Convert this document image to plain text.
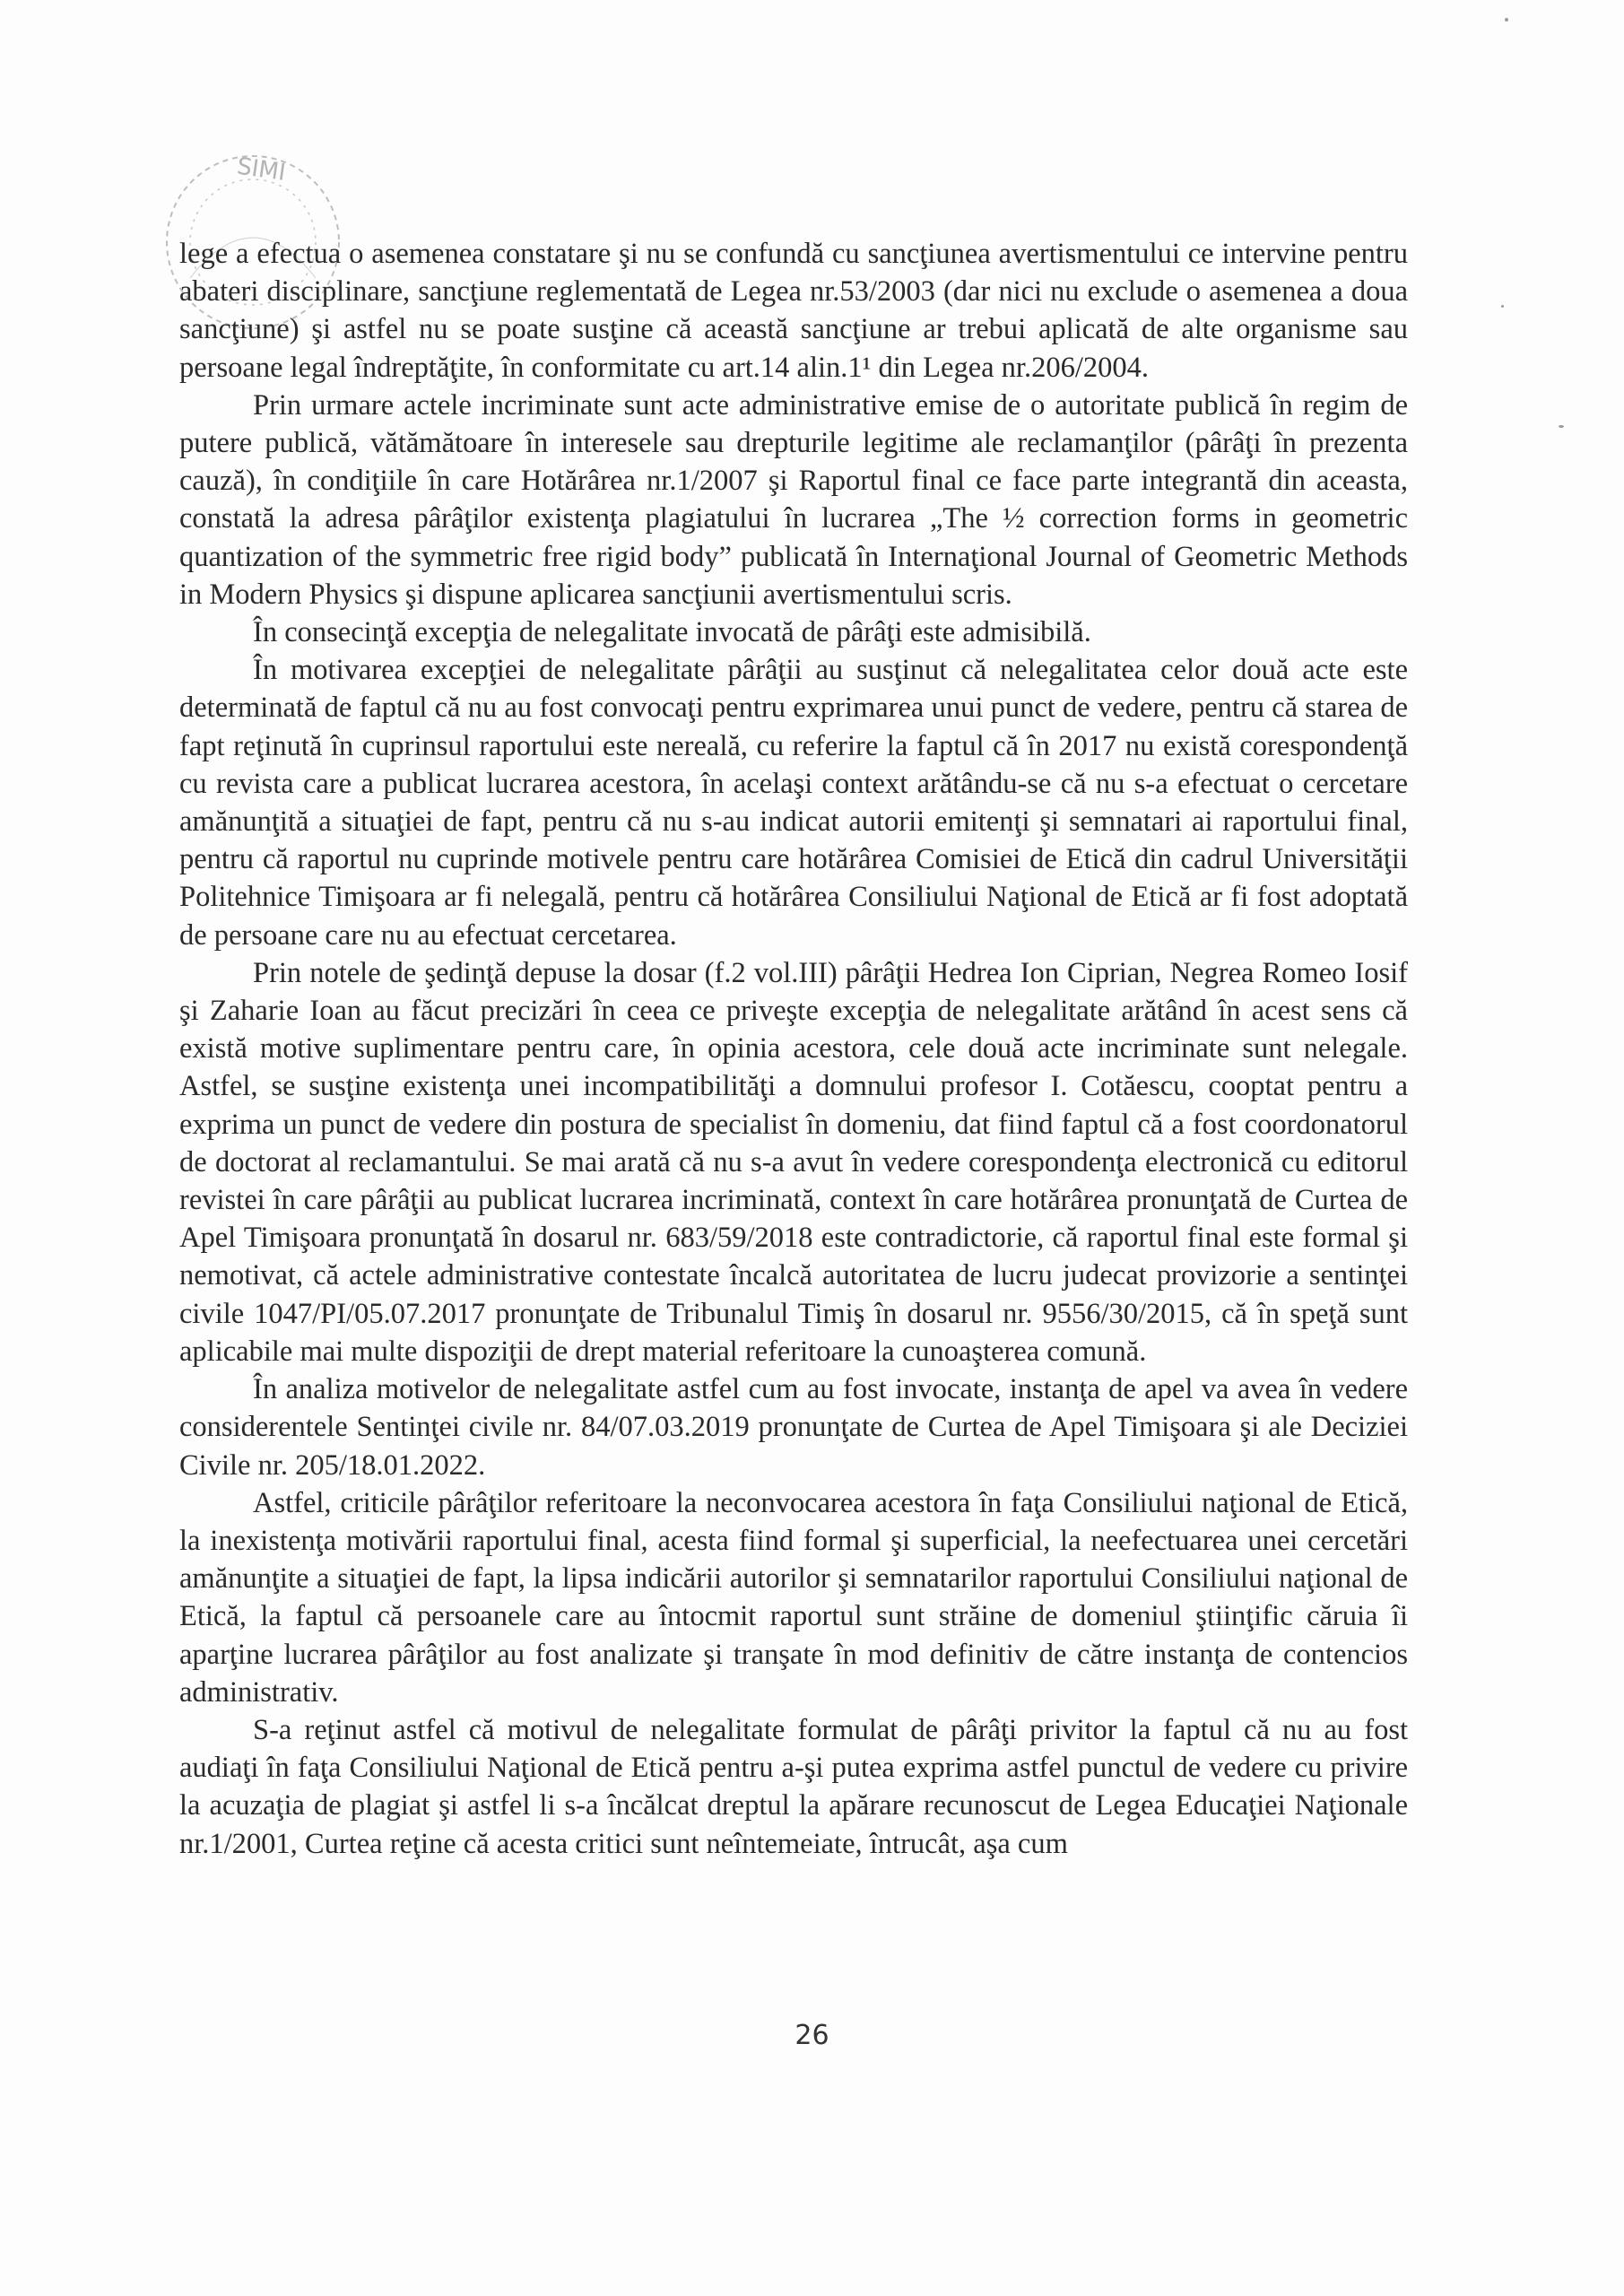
SIMI

lege a efectua o asemenea constatare şi nu se confundă cu sancţiunea avertismentului ce intervine pentru abateri disciplinare, sancţiune reglementată de Legea nr.53/2003 (dar nici nu exclude o asemenea a doua sancţiune) şi astfel nu se poate susţine că această sancţiune ar trebui aplicată de alte organisme sau persoane legal îndreptăţite, în conformitate cu art.14 alin.1¹ din Legea nr.206/2004.

Prin urmare actele incriminate sunt acte administrative emise de o autoritate publică în regim de putere publică, vătămătoare în interesele sau drepturile legitime ale reclamanţilor (pârâţi în prezenta cauză), în condiţiile în care Hotărârea nr.1/2007 şi Raportul final ce face parte integrantă din aceasta, constată la adresa pârâţilor existenţa plagiatului în lucrarea „The ½ correction forms in geometric quantization of the symmetric free rigid body” publicată în Internaţional Journal of Geometric Methods in Modern Physics şi dispune aplicarea sancţiunii avertismentului scris.

În consecinţă excepţia de nelegalitate invocată de pârâţi este admisibilă.

În motivarea excepţiei de nelegalitate pârâţii au susţinut că nelegalitatea celor două acte este determinată de faptul că nu au fost convocaţi pentru exprimarea unui punct de vedere, pentru că starea de fapt reţinută în cuprinsul raportului este nereală, cu referire la faptul că în 2017 nu există corespondenţă cu revista care a publicat lucrarea acestora, în acelaşi context arătându-se că nu s-a efectuat o cercetare amănunţită a situaţiei de fapt, pentru că nu s-au indicat autorii emitenţi şi semnatari ai raportului final, pentru că raportul nu cuprinde motivele pentru care hotărârea Comisiei de Etică din cadrul Universităţii Politehnice Timişoara ar fi nelegală, pentru că hotărârea Consiliului Naţional de Etică ar fi fost adoptată de persoane care nu au efectuat cercetarea.

Prin notele de şedinţă depuse la dosar (f.2 vol.III) pârâţii Hedrea Ion Ciprian, Negrea Romeo Iosif şi Zaharie Ioan au făcut precizări în ceea ce priveşte excepţia de nelegalitate arătând în acest sens că există motive suplimentare pentru care, în opinia acestora, cele două acte incriminate sunt nelegale. Astfel, se susţine existenţa unei incompatibilităţi a domnului profesor I. Cotăescu, cooptat pentru a exprima un punct de vedere din postura de specialist în domeniu, dat fiind faptul că a fost coordonatorul de doctorat al reclamantului. Se mai arată că nu s-a avut în vedere corespondenţa electronică cu editorul revistei în care pârâţii au publicat lucrarea incriminată, context în care hotărârea pronunţată de Curtea de Apel Timişoara pronunţată în dosarul nr. 683/59/2018 este contradictorie, că raportul final este formal şi nemotivat, că actele administrative contestate încalcă autoritatea de lucru judecat provizorie a sentinţei civile 1047/PI/05.07.2017 pronunţate de Tribunalul Timiş în dosarul nr. 9556/30/2015, că în speţă sunt aplicabile mai multe dispoziţii de drept material referitoare la cunoaşterea comună.

În analiza motivelor de nelegalitate astfel cum au fost invocate, instanţa de apel va avea în vedere considerentele Sentinţei civile nr. 84/07.03.2019 pronunţate de Curtea de Apel Timişoara şi ale Deciziei Civile nr. 205/18.01.2022.

Astfel, criticile pârâţilor referitoare la neconvocarea acestora în faţa Consiliului naţional de Etică, la inexistenţa motivării raportului final, acesta fiind formal şi superficial, la neefectuarea unei cercetări amănunţite a situaţiei de fapt, la lipsa indicării autorilor şi semnatarilor raportului Consiliului naţional de Etică, la faptul că persoanele care au întocmit raportul sunt străine de domeniul ştiinţific căruia îi aparţine lucrarea pârâţilor au fost analizate şi tranşate în mod definitiv de către instanţa de contencios administrativ.

S-a reţinut astfel că motivul de nelegalitate formulat de pârâţi privitor la faptul că nu au fost audiaţi în faţa Consiliului Naţional de Etică pentru a-şi putea exprima astfel punctul de vedere cu privire la acuzaţia de plagiat şi astfel li s-a încălcat dreptul la apărare recunoscut de Legea Educaţiei Naţionale nr.1/2001, Curtea reţine că acesta critici sunt neîntemeiate, întrucât, aşa cum

26
